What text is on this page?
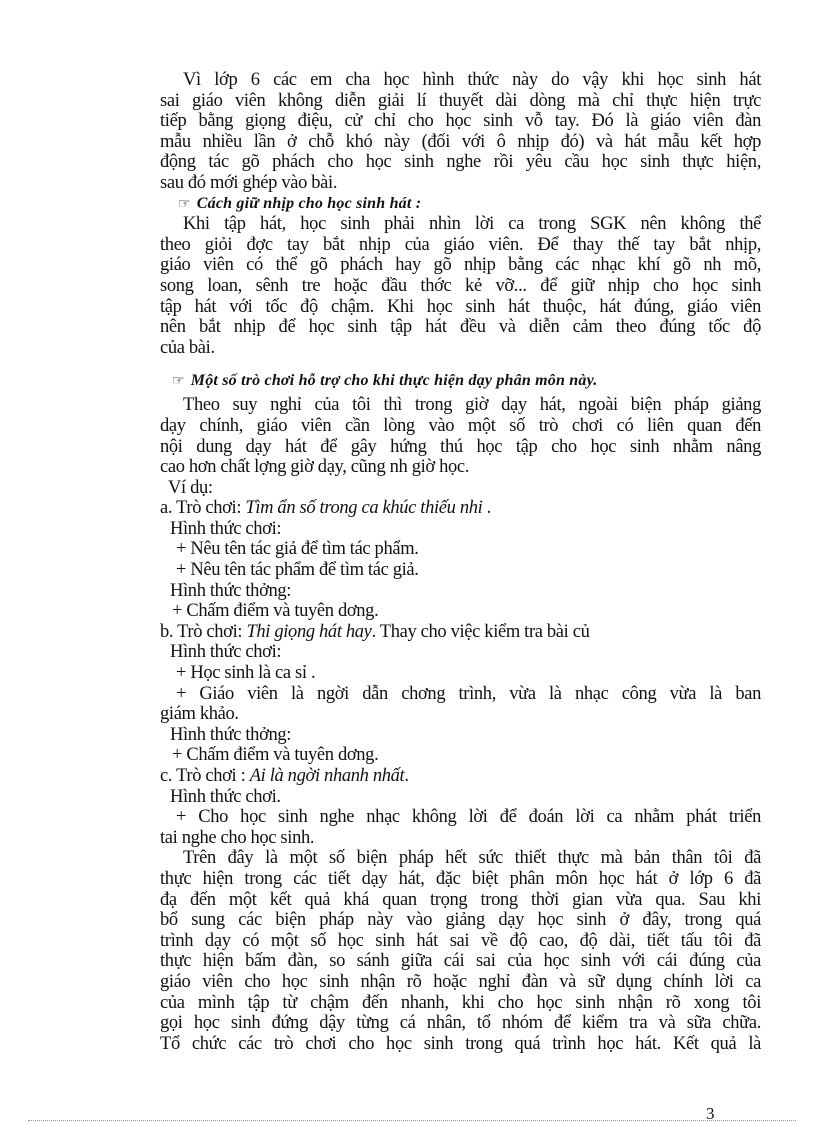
Vì lớp 6 các em cha học hình thức này do vậy khi học sinh hát
sai giáo viên không diễn giải lí thuyết dài dòng mà chỉ thực hiện trực
tiếp bằng giọng điệu, cử chỉ cho học sinh vỗ tay. Đó là giáo viên đàn
mẫu nhiều lần ở chỗ khó này (đối với ô nhịp đó) và hát mẫu kết hợp
động tác gõ phách cho học sinh nghe rồi yêu cầu học sinh thực hiện,
sau đó mới ghép vào bài.
☞ Cách giữ nhịp cho học sinh hát :
Khi tập hát, học sinh phải nhìn lời ca trong SGK nên không thể
theo giỏi đợc tay bắt nhịp của giáo viên. Để thay thế tay bắt nhịp,
giáo viên có thể gõ phách hay gõ nhịp bằng các nhạc khí gõ nh mõ,
song loan, sênh tre hoặc đầu thớc kẻ vỡ... để giữ nhịp cho học sinh
tập hát với tốc độ chậm. Khi học sinh hát thuộc, hát đúng, giáo viên
nên bắt nhịp để học sinh tập hát đều và diễn cảm theo đúng tốc độ
của bài.
☞ Một số trò chơi hỗ trợ cho khi thực hiện dạy phân môn này.
Theo suy nghỉ của tôi thì trong giờ dạy hát, ngoài biện pháp giảng
dạy chính, giáo viên cần lòng vào một số trò chơi có liên quan đến
nội dung dạy hát để gây hứng thú học tập cho học sinh nhằm nâng
cao hơn chất lợng giờ dạy, cũng nh giờ học.
Ví dụ:
a. Trò chơi: Tìm ẩn số trong ca khúc thiếu nhi .
Hình thức chơi:
+ Nêu tên tác giả để tìm tác phẩm.
+ Nêu tên tác phẩm để tìm tác giả.
Hình thức thởng:
+ Chấm điểm và tuyên dơng.
b. Trò chơi: Thi giọng hát hay. Thay cho việc kiểm tra bài củ
Hình thức chơi:
+ Học sinh là ca sỉ .
+ Giáo viên là ngời dẫn chơng trình, vừa là nhạc công vừa là ban
giám khảo.
Hình thức thởng:
+ Chấm điểm và tuyên dơng.
c. Trò chơi : Ai là ngời nhanh nhất.
Hình thức chơi.
+ Cho học sinh nghe nhạc không lời để đoán lời ca nhằm phát triển
tai nghe cho học sinh.
Trên đây là một số biện pháp hết sức thiết thực mà bản thân tôi đã
thực hiện trong các tiết dạy hát, đặc biệt phân môn học hát ở lớp 6 đã
đạ đến một kết quả khá quan trọng trong thời gian vừa qua. Sau khi
bổ sung các biện pháp này vào giảng dạy học sinh ở đây, trong quá
trình dạy có một số học sinh hát sai về độ cao, độ dài, tiết tấu tôi đã
thực hiện bấm đàn, so sánh giữa cái sai của học sinh với cái đúng của
giáo viên cho học sinh nhận rõ hoặc nghỉ đàn và sữ dụng chính lời ca
của mình tập từ chậm đến nhanh, khi cho học sinh nhận rõ xong tôi
gọi học sinh đứng dậy từng cá nhân, tổ nhóm để kiểm tra và sữa chữa.
Tổ chức các trò chơi cho học sinh trong quá trình học hát. Kết quả là
3
